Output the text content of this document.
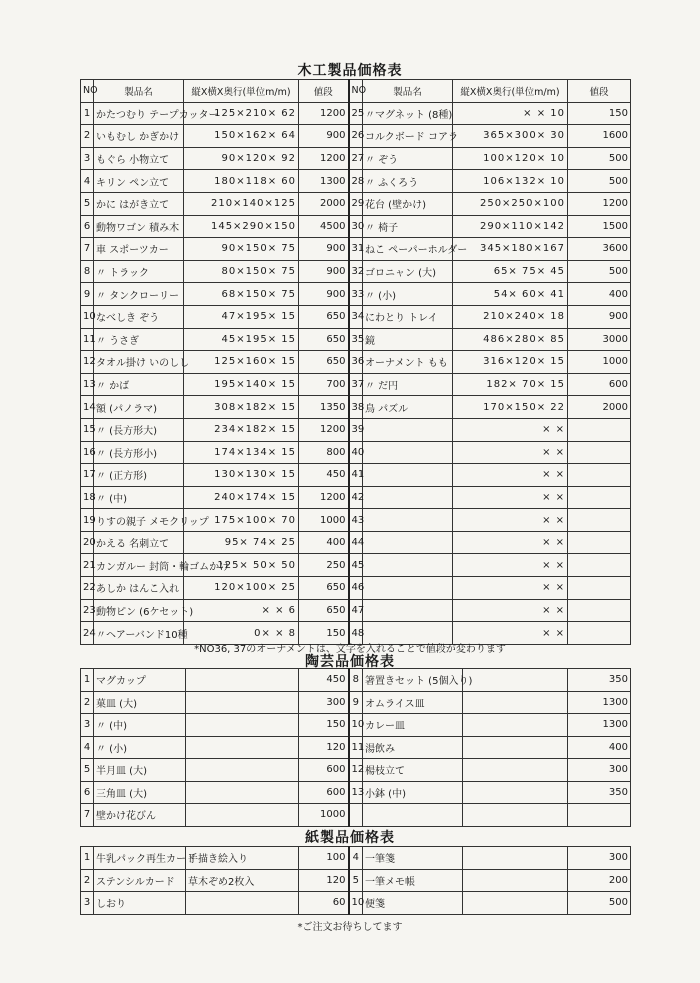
木工製品価格表
NO	製品名	縦X横X奥行(単位m/m)	値段	NO	製品名	縦X横X奥行(単位m/m)	値段
1	かたつむり テープカッター	125×210× 62	1200	25	〃マグネット (8種)	× × 10	150
2	いもむし かぎかけ	150×162× 64	900	26	コルクボード コアラ	365×300× 30	1600
3	もぐら 小物立て	90×120× 92	1200	27	〃 ぞう	100×120× 10	500
4	キリン ペン立て	180×118× 60	1300	28	〃 ふくろう	106×132× 10	500
5	かに はがき立て	210×140×125	2000	29	花台 (壁かけ)	250×250×100	1200
6	動物ワゴン 積み木	145×290×150	4500	30	〃 椅子	290×110×142	1500
7	車 スポーツカー	90×150× 75	900	31	ねこ ペーパーホルダー	345×180×167	3600
8	〃 トラック	80×150× 75	900	32	ゴロニャン (大)	65× 75× 45	500
9	〃 タンクローリー	68×150× 75	900	33	〃 (小)	54× 60× 41	400
10	なべしき ぞう	47×195× 15	650	34	にわとり トレイ	210×240× 18	900
11	〃 うさぎ	45×195× 15	650	35	鏡	486×280× 85	3000
12	タオル掛け いのしし	125×160× 15	650	36	オーナメント もも	316×120× 15	1000
13	〃 かば	195×140× 15	700	37	〃 だ円	182× 70× 15	600
14	額 (パノラマ)	308×182× 15	1350	38	鳥 パズル	170×150× 22	2000
15	〃 (長方形大)	234×182× 15	1200	39		× ×	
16	〃 (長方形小)	174×134× 15	800	40		× ×	
17	〃 (正方形)	130×130× 15	450	41		× ×	
18	〃 (中)	240×174× 15	1200	42		× ×	
19	りすの親子 メモクリップ	175×100× 70	1000	43		× ×	
20	かえる 名刺立て	95× 74× 25	400	44		× ×	
21	カンガルー 封筒・輪ゴムかけ	125× 50× 50	250	45		× ×	
22	あしか はんこ入れ	120×100× 25	650	46		× ×	
23	動物ピン (6ケセット)	× × 6	650	47		× ×	
24	〃ヘアーバンド10種	0× × 8	150	48		× ×	
*NO36, 37のオーナメントは、文字を入れることで値段が変わります
陶芸品価格表
1	マグカップ		450	8	箸置きセット (5個入り)		350
2	菓皿 (大)		300	9	オムライス皿		1300
3	〃 (中)		150	10	カレー皿		1300
4	〃 (小)		120	11	湯飲み		400
5	半月皿 (大)		600	12	楊枝立て		300
6	三角皿 (大)		600	13	小鉢 (中)		350
7	壁かけ花びん		1000				
紙製品価格表
1	牛乳パック再生カード	手描き絵入り	100	4	一筆箋		300
2	ステンシルカード	草木ぞめ2枚入	120	5	一筆メモ帳		200
3	しおり		60	10	便箋		500
*ご注文お待ちしてます
